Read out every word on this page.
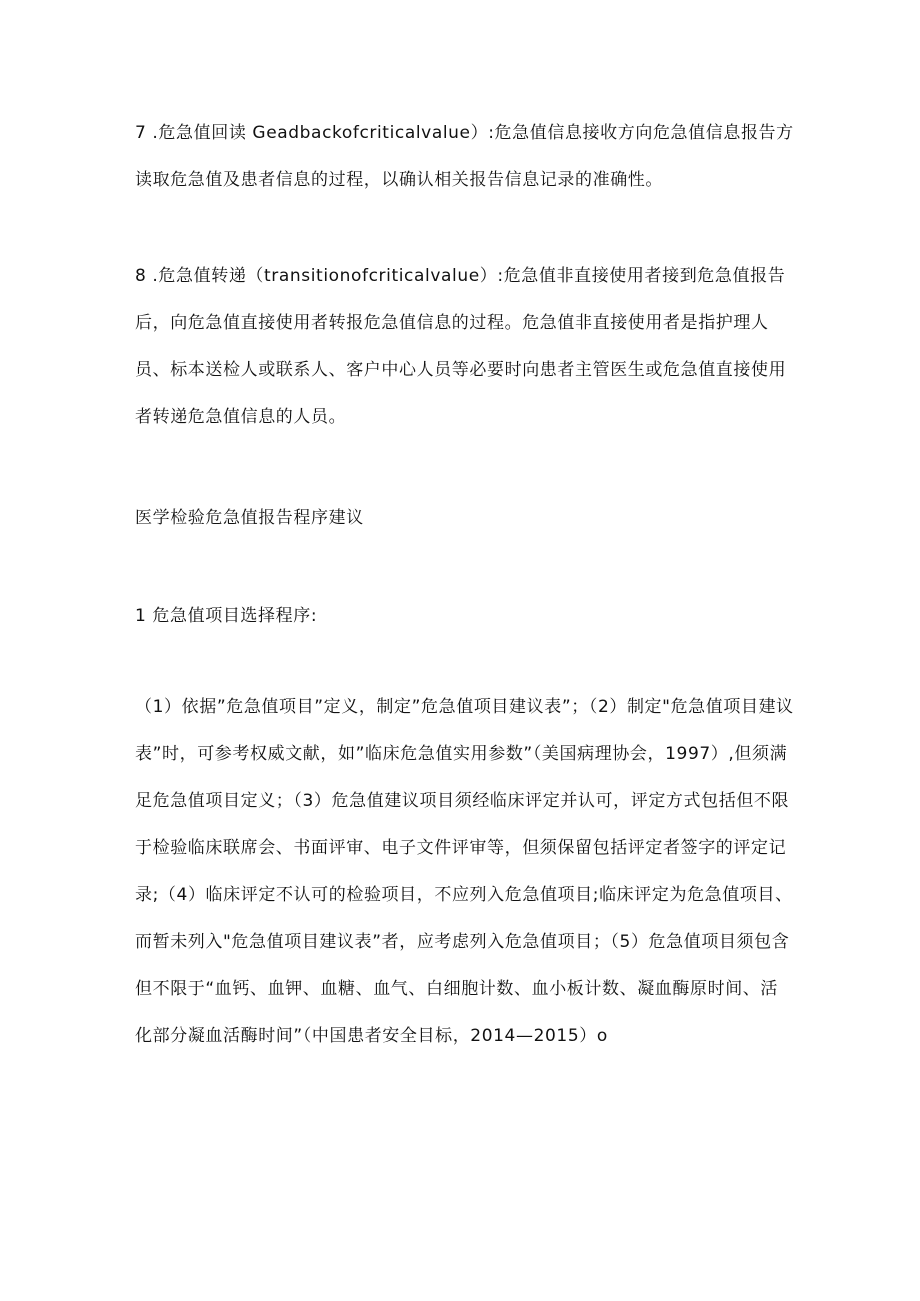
7 .危急值回读 Geadbackofcriticalvalue）:危急值信息接收方向危急值信息报告方读取危急值及患者信息的过程，以确认相关报告信息记录的准确性。

8 .危急值转递（transitionofcriticalvalue）:危急值非直接使用者接到危急值报告后，向危急值直接使用者转报危急值信息的过程。危急值非直接使用者是指护理人员、标本送检人或联系人、客户中心人员等必要时向患者主管医生或危急值直接使用者转递危急值信息的人员。

医学检验危急值报告程序建议

1 危急值项目选择程序:

（1）依据”危急值项目”定义，制定”危急值项目建议表”；（2）制定"危急值项目建议表”时，可参考权威文献，如”临床危急值实用参数”（美国病理协会，1997）,但须满足危急值项目定义；（3）危急值建议项目须经临床评定并认可，评定方式包括但不限于检验临床联席会、书面评审、电子文件评审等，但须保留包括评定者签字的评定记录;（4）临床评定不认可的检验项目，不应列入危急值项目;临床评定为危急值项目、而暂未列入"危急值项目建议表”者，应考虑列入危急值项目；（5）危急值项目须包含但不限于“血钙、血钾、血糖、血气、白细胞计数、血小板计数、凝血酶原时间、活化部分凝血活酶时间”（中国患者安全目标，2014—2015）o
